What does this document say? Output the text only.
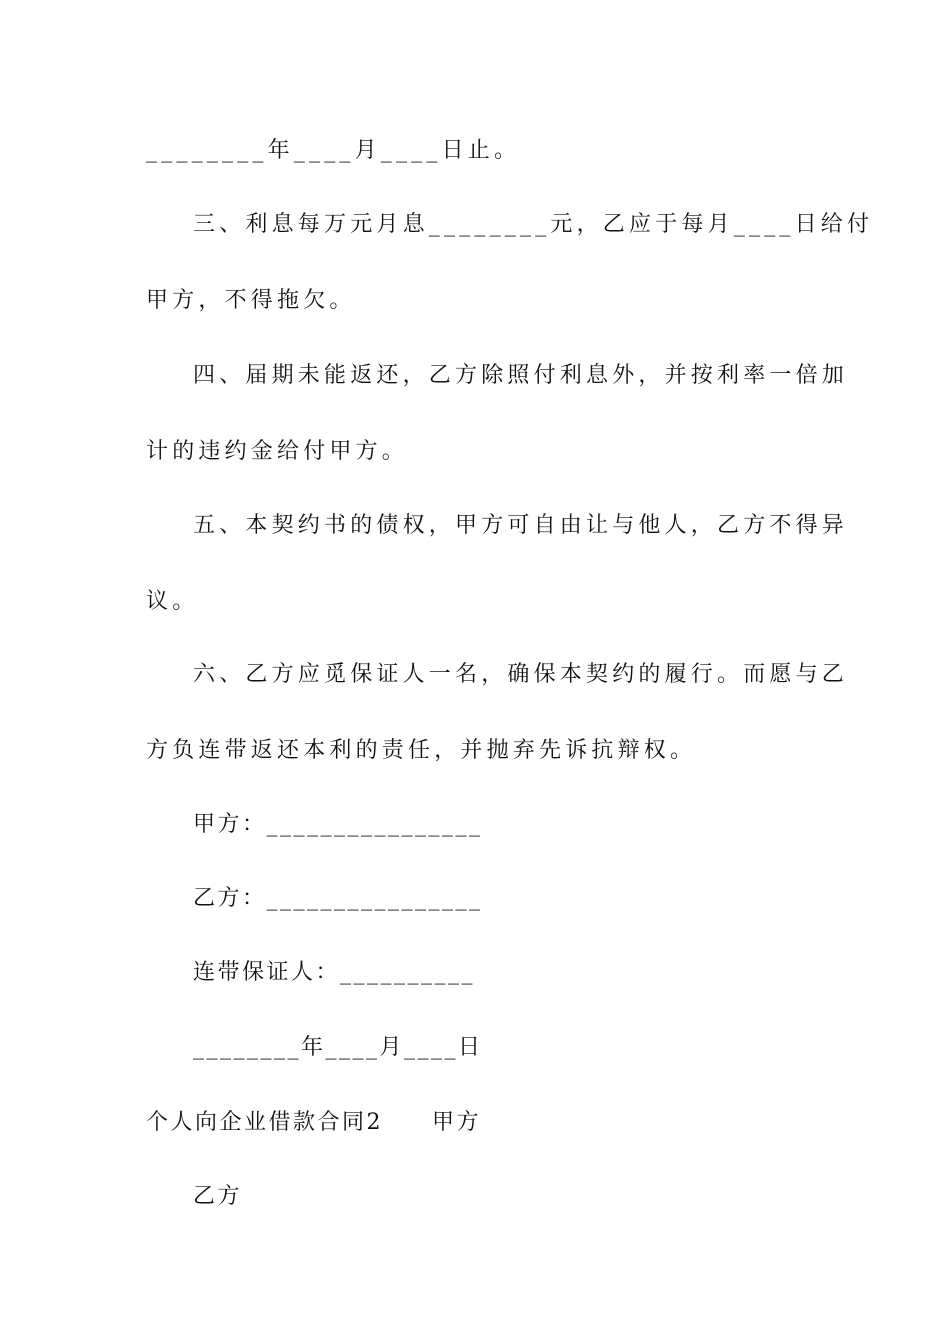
________年____月____日止。
三、利息每万元月息________元，乙应于每月____日给付
甲方，不得拖欠。
四、届期未能返还，乙方除照付利息外，并按利率一倍加
计的违约金给付甲方。
五、本契约书的债权，甲方可自由让与他人，乙方不得异
议。
六、乙方应觅保证人一名，确保本契约的履行。而愿与乙
方负连带返还本利的责任，并抛弃先诉抗辩权。
甲方：________________
乙方：________________
连带保证人：__________
________年____月____日
个人向企业借款合同2　　甲方
乙方
